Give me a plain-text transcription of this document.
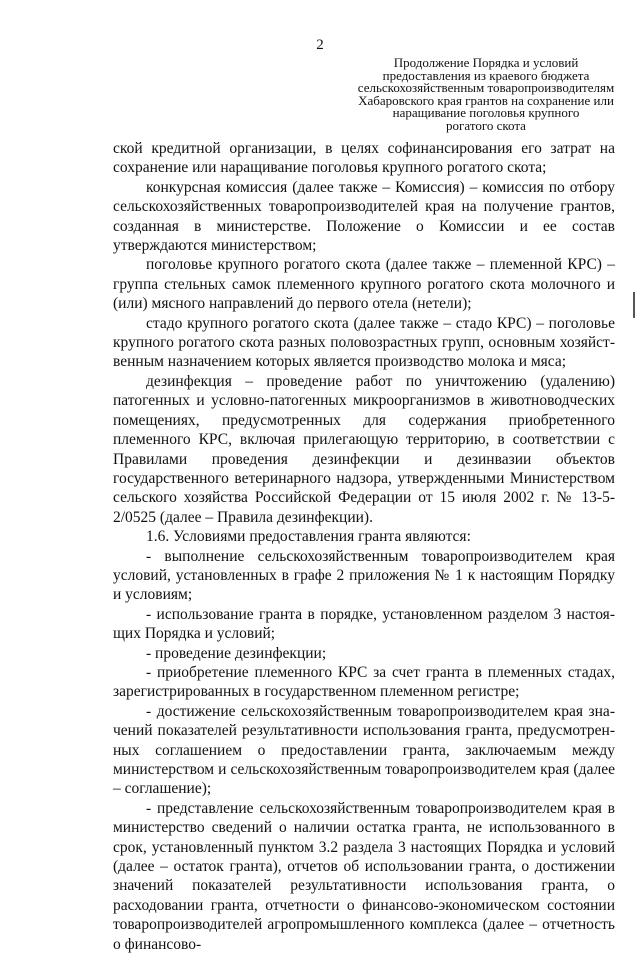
2
Продолжение Порядка и условий
предоставления из краевого бюджета
сельскохозяйственным товаропроизводителям
Хабаровского края грантов на сохранение или
наращивание поголовья крупного
рогатого скота

ской кредитной организации, в целях софинансирования его затрат на сохранение или наращивание поголовья крупного рогатого скота;

конкурсная комиссия (далее также – Комиссия) – комиссия по отбору сельскохозяйственных товаропроизводителей края на получение грантов, созданная в министерстве. Положение о Комиссии и ее состав утверждаются министерством;

поголовье крупного рогатого скота (далее также – племенной КРС) – группа стельных самок племенного крупного рогатого скота молочного и (или) мясного направлений до первого отела (нетели);

стадо крупного рогатого скота (далее также – стадо КРС) – поголовье крупного рогатого скота разных половозрастных групп, основным хозяйственным назначением которых является производство молока и мяса;

дезинфекция – проведение работ по уничтожению (удалению) патогенных и условно-патогенных микроорганизмов в животноводческих помещениях, предусмотренных для содержания приобретенного племенного КРС, включая прилегающую территорию, в соответствии с Правилами проведения дезинфекции и дезинвазии объектов государственного ветеринарного надзора, утвержденными Министерством сельского хозяйства Российской Федерации от 15 июля 2002 г. № 13-5-2/0525 (далее – Правила дезинфекции).

1.6. Условиями предоставления гранта являются:

- выполнение сельскохозяйственным товаропроизводителем края условий, установленных в графе 2 приложения № 1 к настоящим Порядку и условиям;

- использование гранта в порядке, установленном разделом 3 настоящих Порядка и условий;

- проведение дезинфекции;

- приобретение племенного КРС за счет гранта в племенных стадах, зарегистрированных в государственном племенном регистре;

- достижение сельскохозяйственным товаропроизводителем края значений показателей результативности использования гранта, предусмотренных соглашением о предоставлении гранта, заключаемым между министерством и сельскохозяйственным товаропроизводителем края (далее – соглашение);

- представление сельскохозяйственным товаропроизводителем края в министерство сведений о наличии остатка гранта, не использованного в срок, установленный пунктом 3.2 раздела 3 настоящих Порядка и условий (далее – остаток гранта), отчетов об использовании гранта, о достижении значений показателей результативности использования гранта, о расходовании гранта, отчетности о финансово-экономическом состоянии товаропроизводителей агропромышленного комплекса (далее – отчетность о финансово-
